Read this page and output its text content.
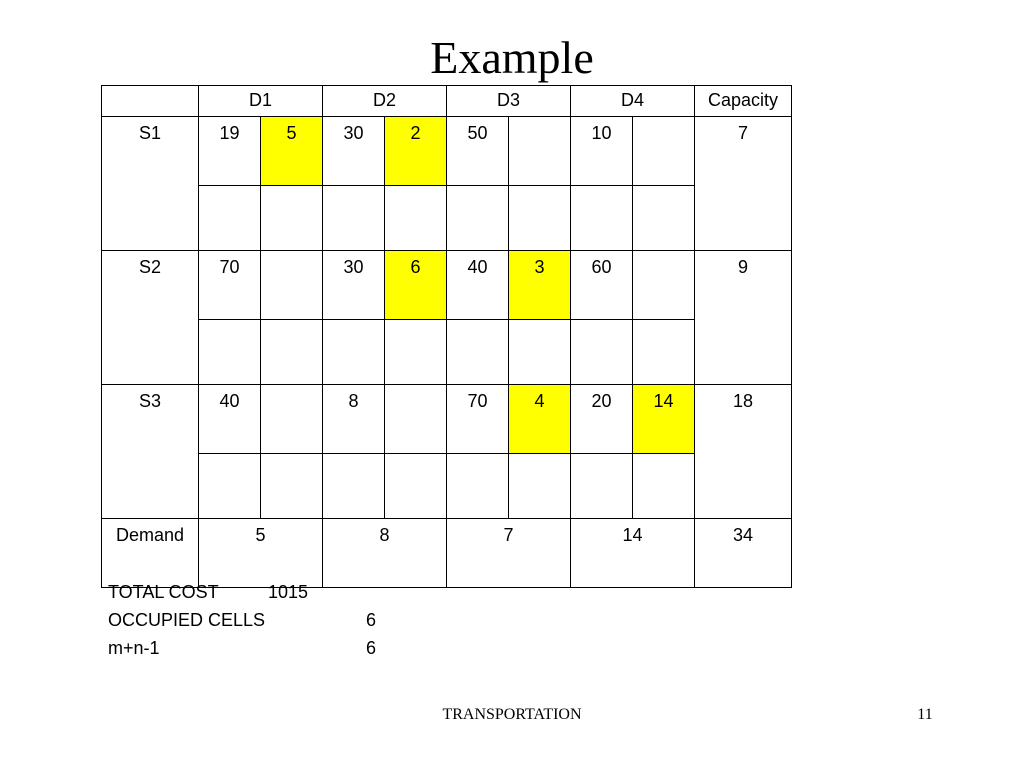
Example
	D1		D2		D3		D4		Capacity
S1	19	5	30	2	50		10		7

S2	70		30	6	40	3	60		9

S3	40		8		70	4	20	14	18

Demand	5		8		7		14		34
TOTAL COST	1015
OCCUPIED CELLS	6
m+n-1	6
TRANSPORTATION	11
